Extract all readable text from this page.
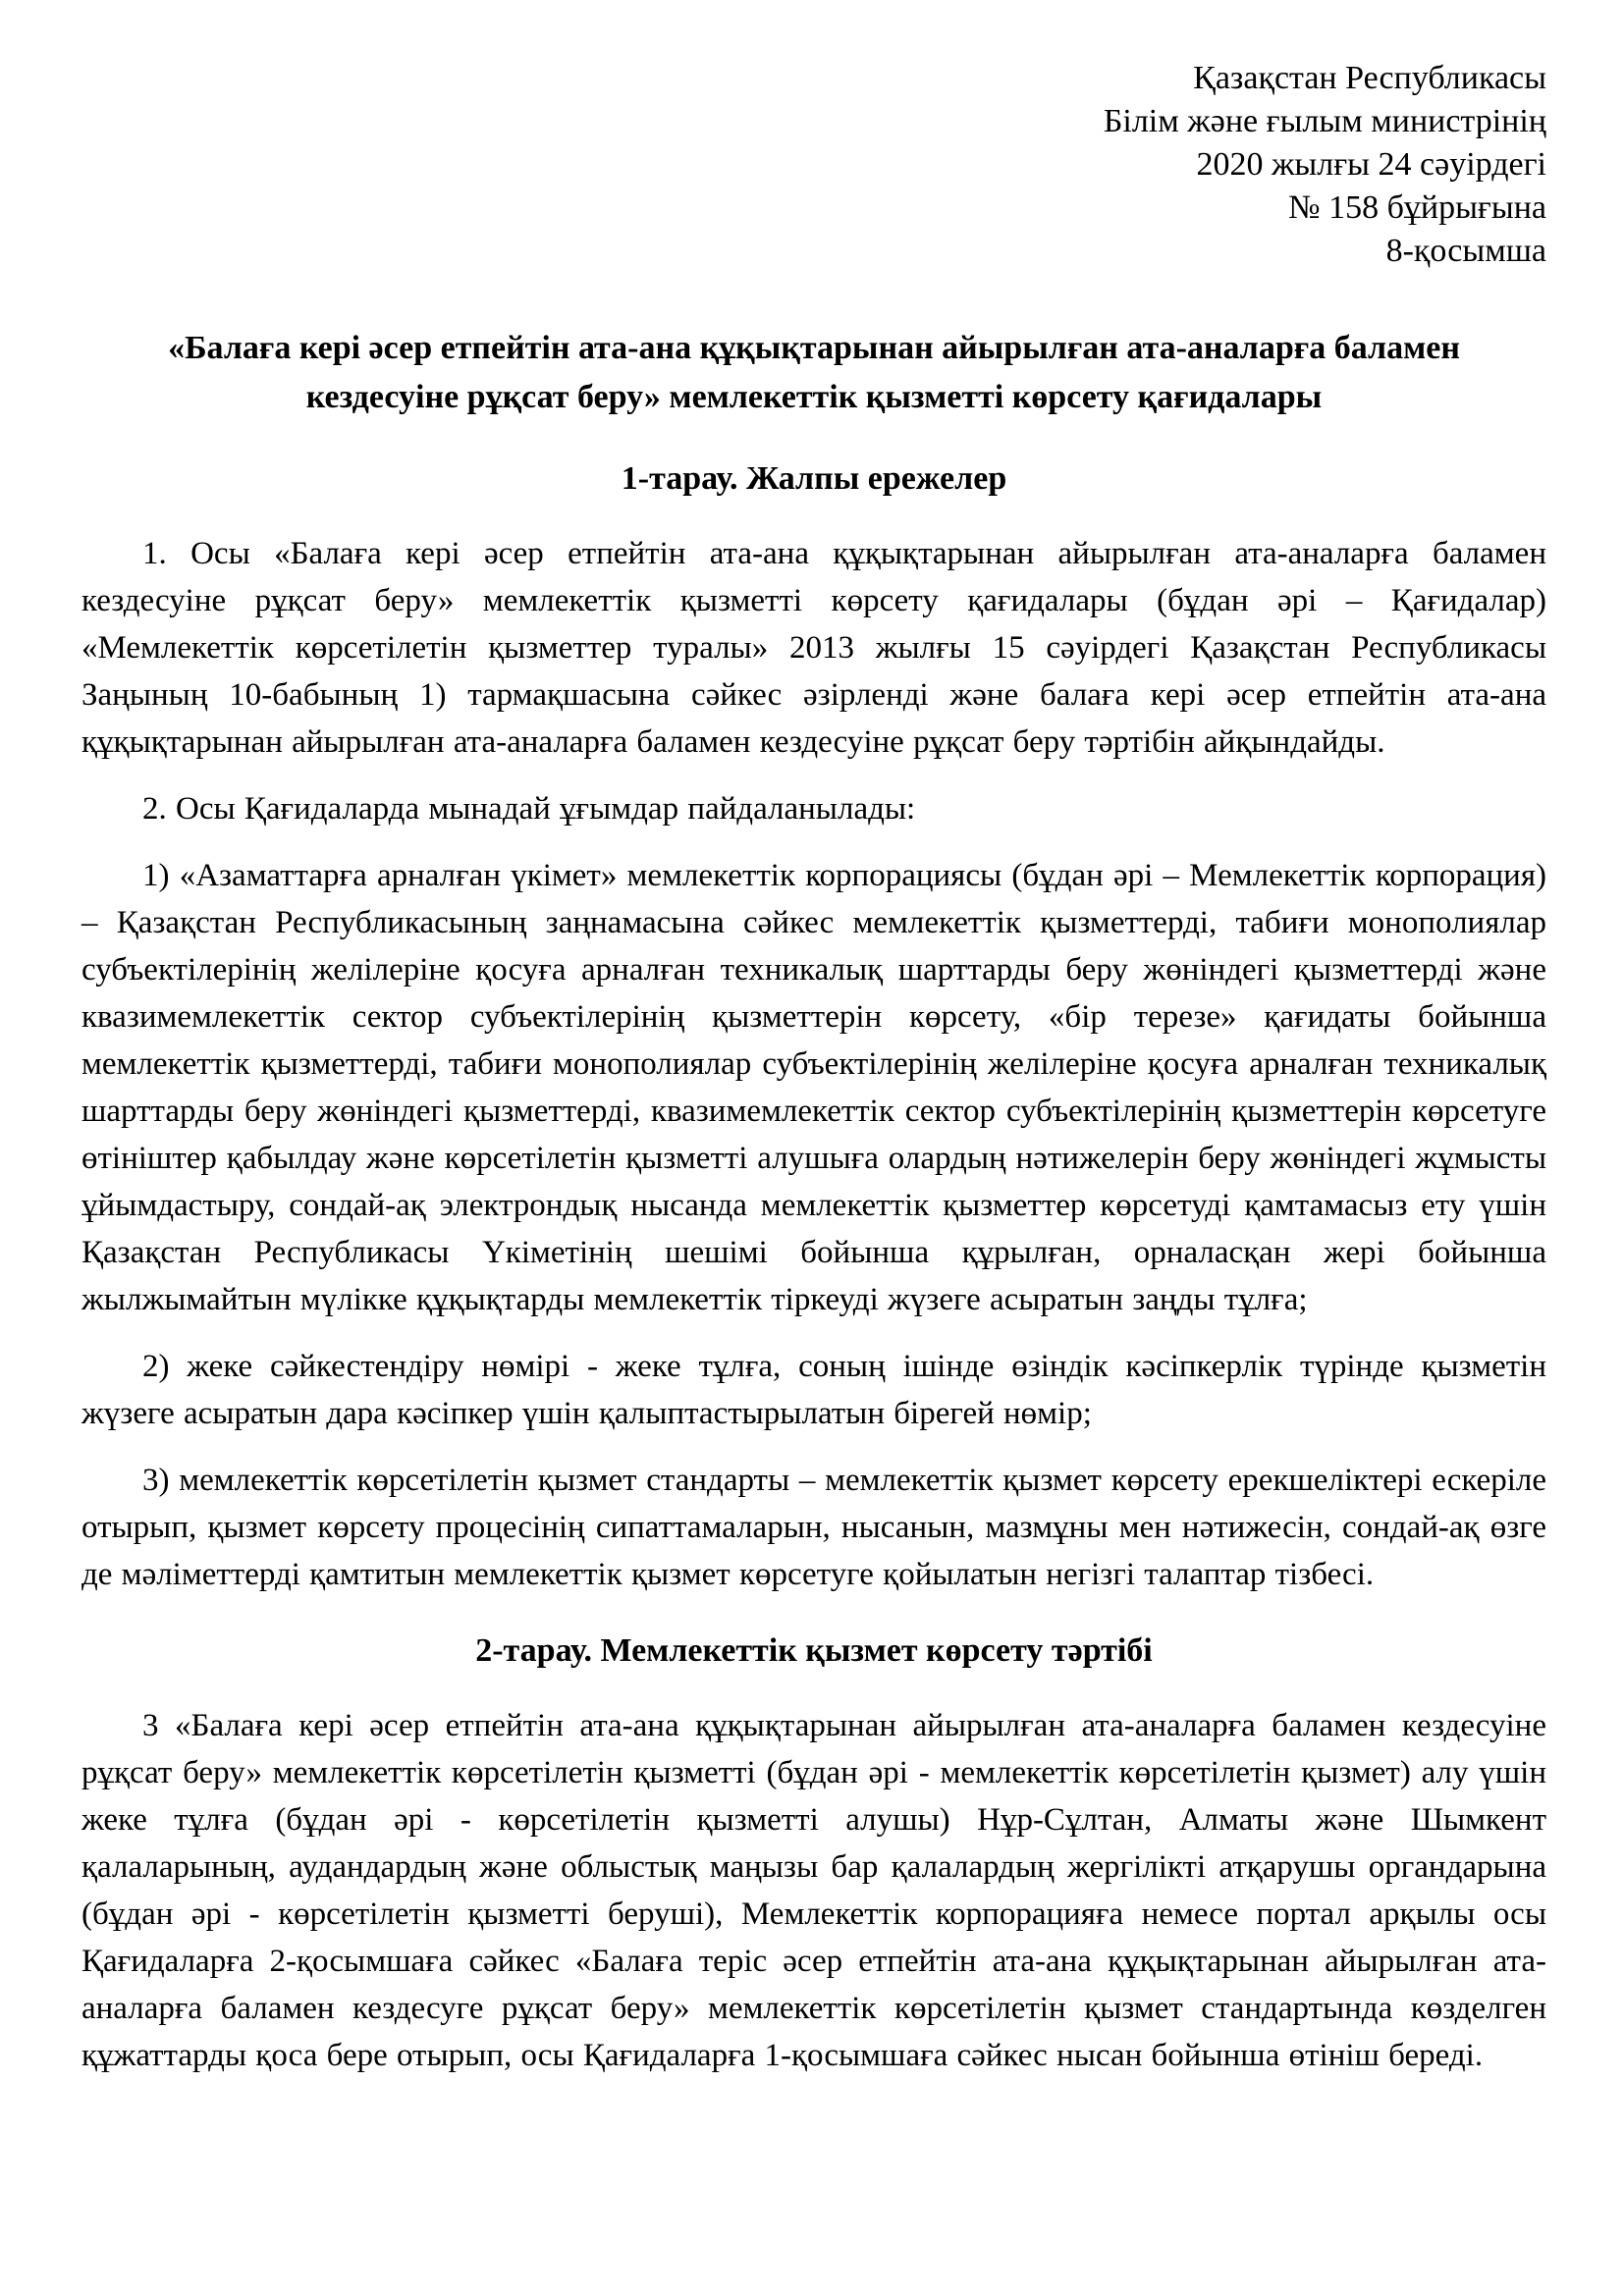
Қазақстан Республикасы
Білім және ғылым министрінің
2020 жылғы 24 сәуірдегі
№ 158 бұйрығына
8-қосымша
«Балаға кері әсер етпейтін ата-ана құқықтарынан айырылған ата-аналарға баламен кездесуіне рұқсат беру» мемлекеттік қызметті көрсету қағидалары
1-тарау. Жалпы ережелер

1. Осы «Балаға кері әсер етпейтін ата-ана құқықтарынан айырылған ата-аналарға баламен кездесуіне рұқсат беру» мемлекеттік қызметті көрсету қағидалары (бұдан әрі – Қағидалар) «Мемлекеттік көрсетілетін қызметтер туралы» 2013 жылғы 15 сәуірдегі Қазақстан Республикасы Заңының 10-бабының 1) тармақшасына сәйкес әзірленді және балаға кері әсер етпейтін ата-ана құқықтарынан айырылған ата-аналарға баламен кездесуіне рұқсат беру тәртібін айқындайды.

2. Осы Қағидаларда мынадай ұғымдар пайдаланылады:

1) «Азаматтарға арналған үкімет» мемлекеттік корпорациясы (бұдан әрі – Мемлекеттік корпорация) – Қазақстан Республикасының заңнамасына сәйкес мемлекеттік қызметтерді, табиғи монополиялар субъектілерінің желілеріне қосуға арналған техникалық шарттарды беру жөніндегі қызметтерді және квазимемлекеттік сектор субъектілерінің қызметтерін көрсету, «бір терезе» қағидаты бойынша мемлекеттік қызметтерді, табиғи монополиялар субъектілерінің желілеріне қосуға арналған техникалық шарттарды беру жөніндегі қызметтерді, квазимемлекеттік сектор субъектілерінің қызметтерін көрсетуге өтініштер қабылдау және көрсетілетін қызметті алушыға олардың нәтижелерін беру жөніндегі жұмысты ұйымдастыру, сондай-ақ электрондық нысанда мемлекеттік қызметтер көрсетуді қамтамасыз ету үшін Қазақстан Республикасы Үкіметінің шешімі бойынша құрылған, орналасқан жері бойынша жылжымайтын мүлікке құқықтарды мемлекеттік тіркеуді жүзеге асыратын заңды тұлға;

2) жеке сәйкестендіру нөмірі - жеке тұлға, соның ішінде өзіндік кәсіпкерлік түрінде қызметін жүзеге асыратын дара кәсіпкер үшін қалыптастырылатын бірегей нөмір;

3) мемлекеттік көрсетілетін қызмет стандарты – мемлекеттік қызмет көрсету ерекшеліктері ескеріле отырып, қызмет көрсету процесінің сипаттамаларын, нысанын, мазмұны мен нәтижесін, сондай-ақ өзге де мәліметтерді қамтитын мемлекеттік қызмет көрсетуге қойылатын негізгі талаптар тізбесі.

2-тарау. Мемлекеттік қызмет көрсету тәртібі

3 «Балаға кері әсер етпейтін ата-ана құқықтарынан айырылған ата-аналарға баламен кездесуіне рұқсат беру» мемлекеттік көрсетілетін қызметті (бұдан әрі - мемлекеттік көрсетілетін қызмет) алу үшін жеке тұлға (бұдан әрі - көрсетілетін қызметті алушы) Нұр-Сұлтан, Алматы және Шымкент қалаларының, аудандардың және облыстық маңызы бар қалалардың жергілікті атқарушы органдарына (бұдан әрі - көрсетілетін қызметті беруші), Мемлекеттік корпорацияға немесе портал арқылы осы Қағидаларға 2-қосымшаға сәйкес «Балаға теріс әсер етпейтін ата-ана құқықтарынан айырылған ата-аналарға баламен кездесуге рұқсат беру» мемлекеттік көрсетілетін қызмет стандартында көзделген құжаттарды қоса бере отырып, осы Қағидаларға 1-қосымшаға сәйкес нысан бойынша өтініш береді.
